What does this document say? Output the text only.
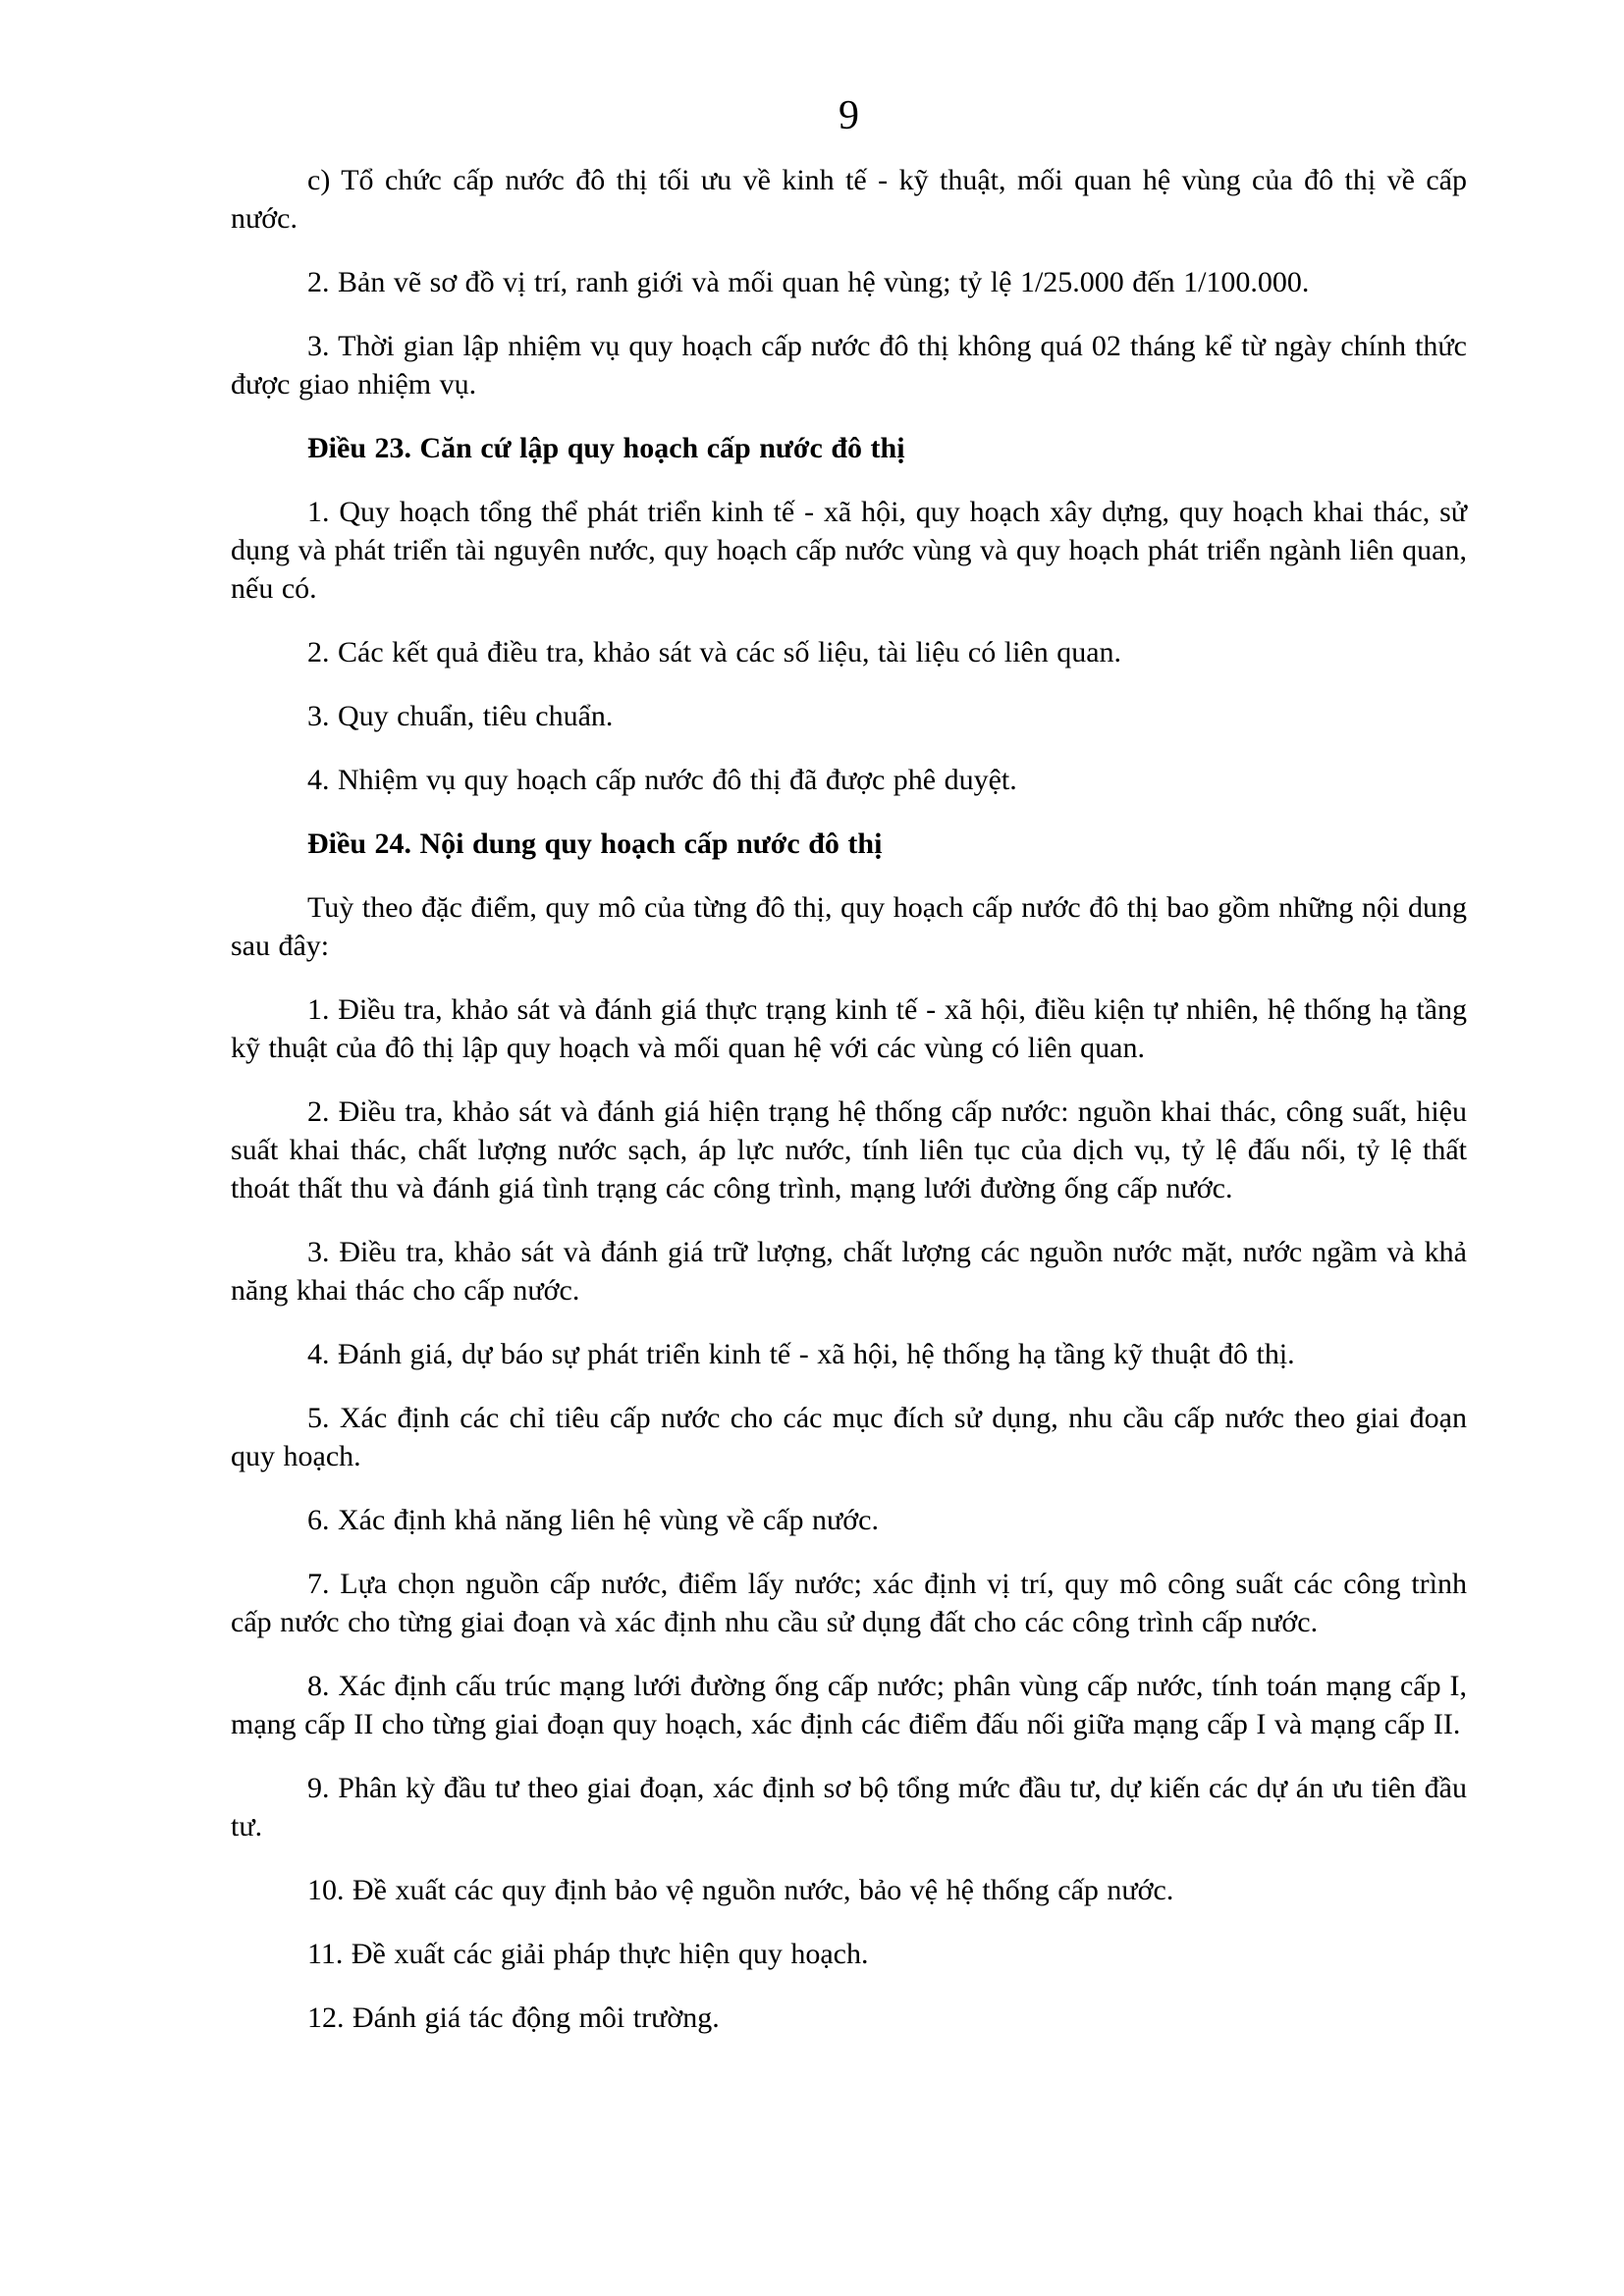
9

c) Tổ chức cấp nước đô thị tối ưu về kinh tế - kỹ thuật, mối quan hệ vùng của đô thị về cấp nước.

2. Bản vẽ sơ đồ vị trí, ranh giới và mối quan hệ vùng; tỷ lệ 1/25.000 đến 1/100.000.

3. Thời gian lập nhiệm vụ quy hoạch cấp nước đô thị không quá 02 tháng kể từ ngày chính thức được giao nhiệm vụ.

Điều 23. Căn cứ lập quy hoạch cấp nước đô thị

1. Quy hoạch tổng thể phát triển kinh tế - xã hội, quy hoạch xây dựng, quy hoạch khai thác, sử dụng và phát triển tài nguyên nước, quy hoạch cấp nước vùng và quy hoạch phát triển ngành liên quan, nếu có.

2. Các kết quả điều tra, khảo sát và các số liệu, tài liệu có liên quan.

3. Quy chuẩn, tiêu chuẩn.

4. Nhiệm vụ quy hoạch cấp nước đô thị đã được phê duyệt.

Điều 24. Nội dung quy hoạch cấp nước đô thị

Tuỳ theo đặc điểm, quy mô của từng đô thị, quy hoạch cấp nước đô thị bao gồm những nội dung sau đây:

1. Điều tra, khảo sát và đánh giá thực trạng kinh tế - xã hội, điều kiện tự nhiên, hệ thống hạ tầng kỹ thuật của đô thị lập quy hoạch và mối quan hệ với các vùng có liên quan.

2. Điều tra, khảo sát và đánh giá hiện trạng hệ thống cấp nước: nguồn khai thác, công suất, hiệu suất khai thác, chất lượng nước sạch, áp lực nước, tính liên tục của dịch vụ, tỷ lệ đấu nối, tỷ lệ thất thoát thất thu và đánh giá tình trạng các công trình, mạng lưới đường ống cấp nước.

3. Điều tra, khảo sát và đánh giá trữ lượng, chất lượng các nguồn nước mặt, nước ngầm và khả năng khai thác cho cấp nước.

4. Đánh giá, dự báo sự phát triển kinh tế - xã hội, hệ thống hạ tầng kỹ thuật đô thị.

5. Xác định các chỉ tiêu cấp nước cho các mục đích sử dụng, nhu cầu cấp nước theo giai đoạn quy hoạch.

6. Xác định khả năng liên hệ vùng về cấp nước.

7. Lựa chọn nguồn cấp nước, điểm lấy nước; xác định vị trí, quy mô công suất các công trình cấp nước cho từng giai đoạn và xác định nhu cầu sử dụng đất cho các công trình cấp nước.

8. Xác định cấu trúc mạng lưới đường ống cấp nước; phân vùng cấp nước, tính toán mạng cấp I, mạng cấp II cho từng giai đoạn quy hoạch, xác định các điểm đấu nối giữa mạng cấp I và mạng cấp II.

9. Phân kỳ đầu tư theo giai đoạn, xác định sơ bộ tổng mức đầu tư, dự kiến các dự án ưu tiên đầu tư.

10. Đề xuất các quy định bảo vệ nguồn nước, bảo vệ hệ thống cấp nước.

11. Đề xuất các giải pháp thực hiện quy hoạch.

12. Đánh giá tác động môi trường.
